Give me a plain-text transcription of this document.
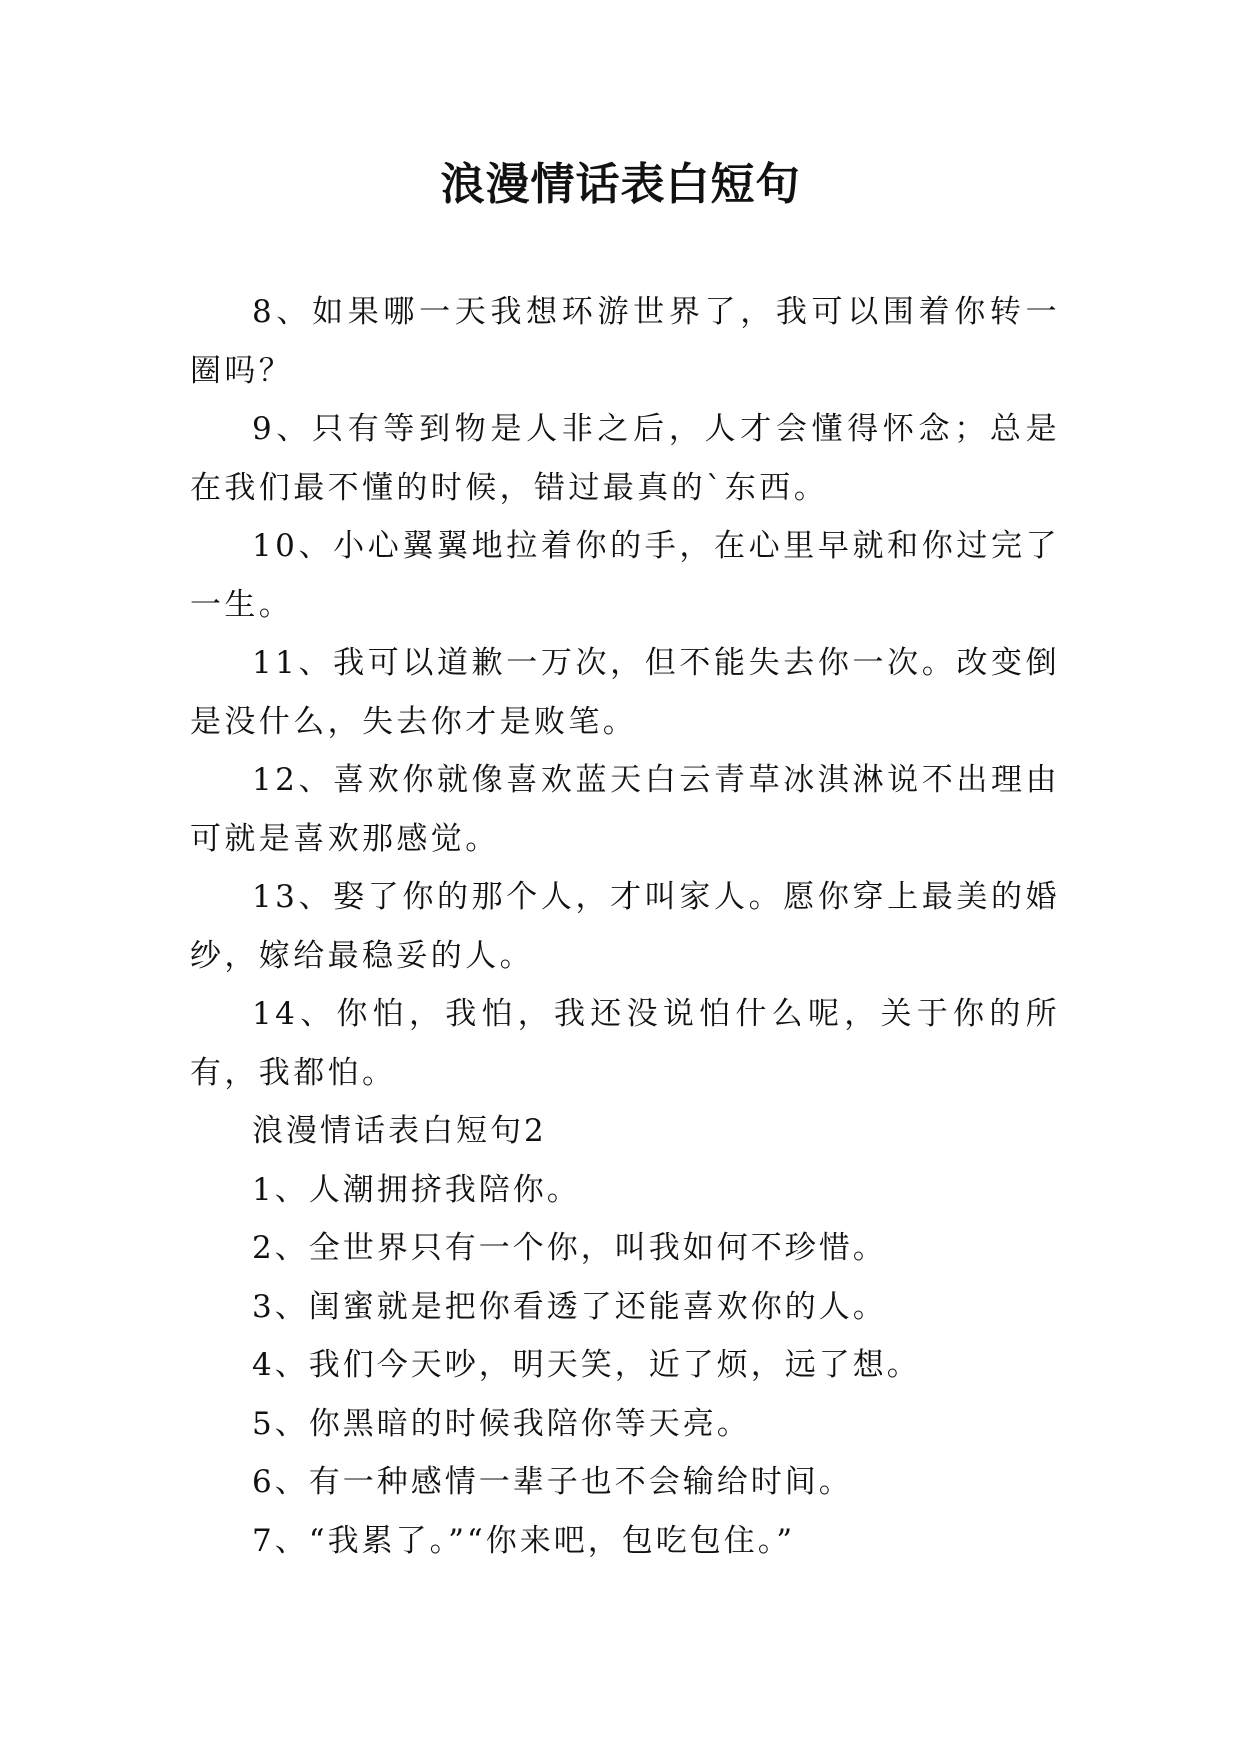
浪漫情话表白短句

8、如果哪一天我想环游世界了，我可以围着你转一圈吗？

9、只有等到物是人非之后，人才会懂得怀念；总是在我们最不懂的时候，错过最真的`东西。

10、小心翼翼地拉着你的手，在心里早就和你过完了一生。

11、我可以道歉一万次，但不能失去你一次。改变倒是没什么，失去你才是败笔。

12、喜欢你就像喜欢蓝天白云青草冰淇淋说不出理由可就是喜欢那感觉。

13、娶了你的那个人，才叫家人。愿你穿上最美的婚纱，嫁给最稳妥的人。

14、你怕，我怕，我还没说怕什么呢，关于你的所有，我都怕。

浪漫情话表白短句2

1、人潮拥挤我陪你。

2、全世界只有一个你，叫我如何不珍惜。

3、闺蜜就是把你看透了还能喜欢你的人。

4、我们今天吵，明天笑，近了烦，远了想。

5、你黑暗的时候我陪你等天亮。

6、有一种感情一辈子也不会输给时间。

7、“我累了。”“你来吧，包吃包住。”
